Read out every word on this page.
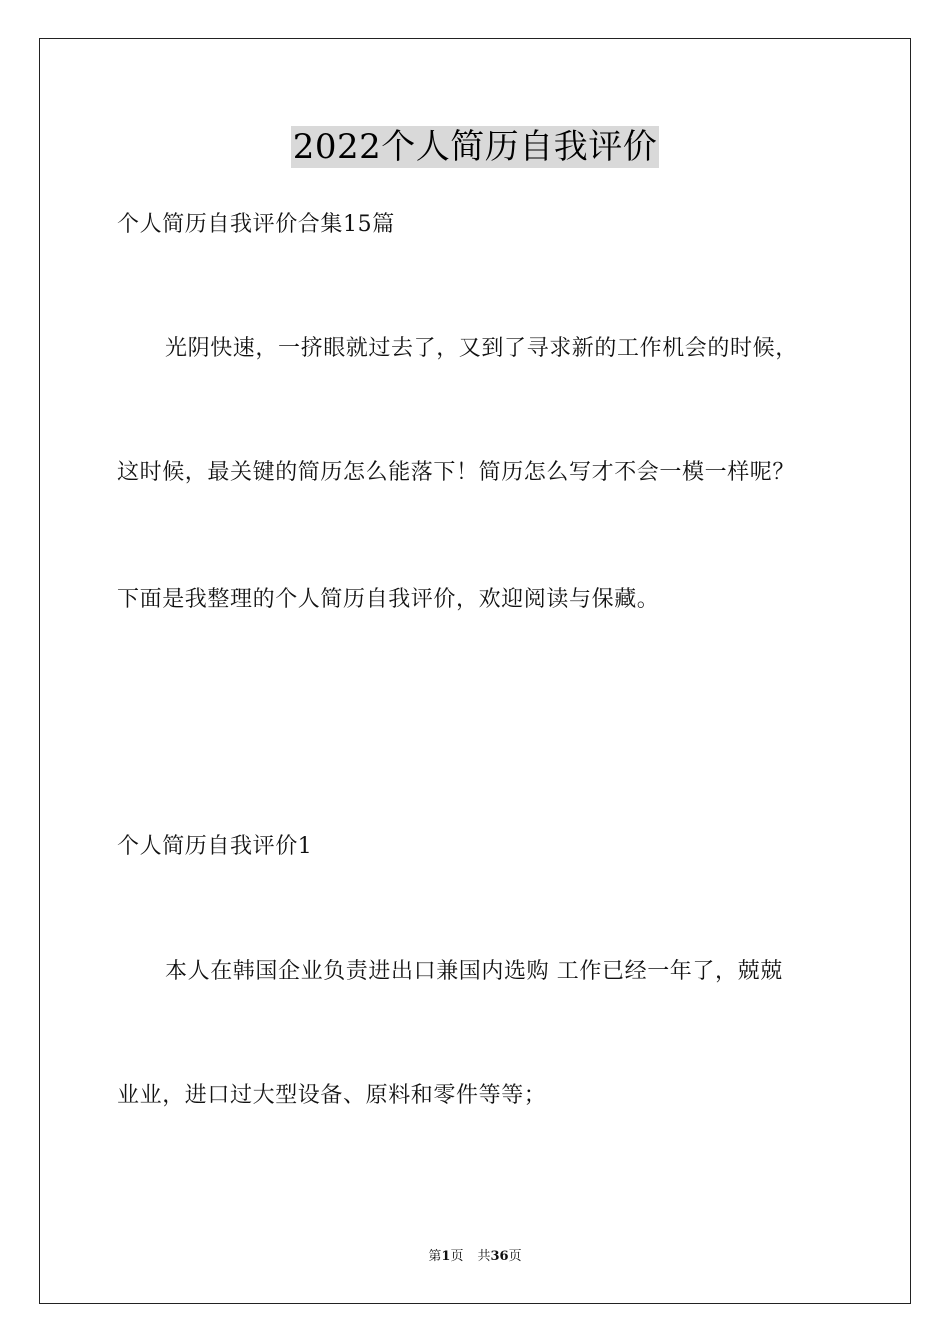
2022个人简历自我评价
个人简历自我评价合集15篇
光阴快速，一挤眼就过去了，又到了寻求新的工作机会的时候，
这时候，最关键的简历怎么能落下！简历怎么写才不会一模一样呢？
下面是我整理的个人简历自我评价，欢迎阅读与保藏。
个人简历自我评价1
本人在韩国企业负责进出口兼国内选购 工作已经一年了，兢兢
业业，进口过大型设备、原料和零件等等；
第1页 共36页
